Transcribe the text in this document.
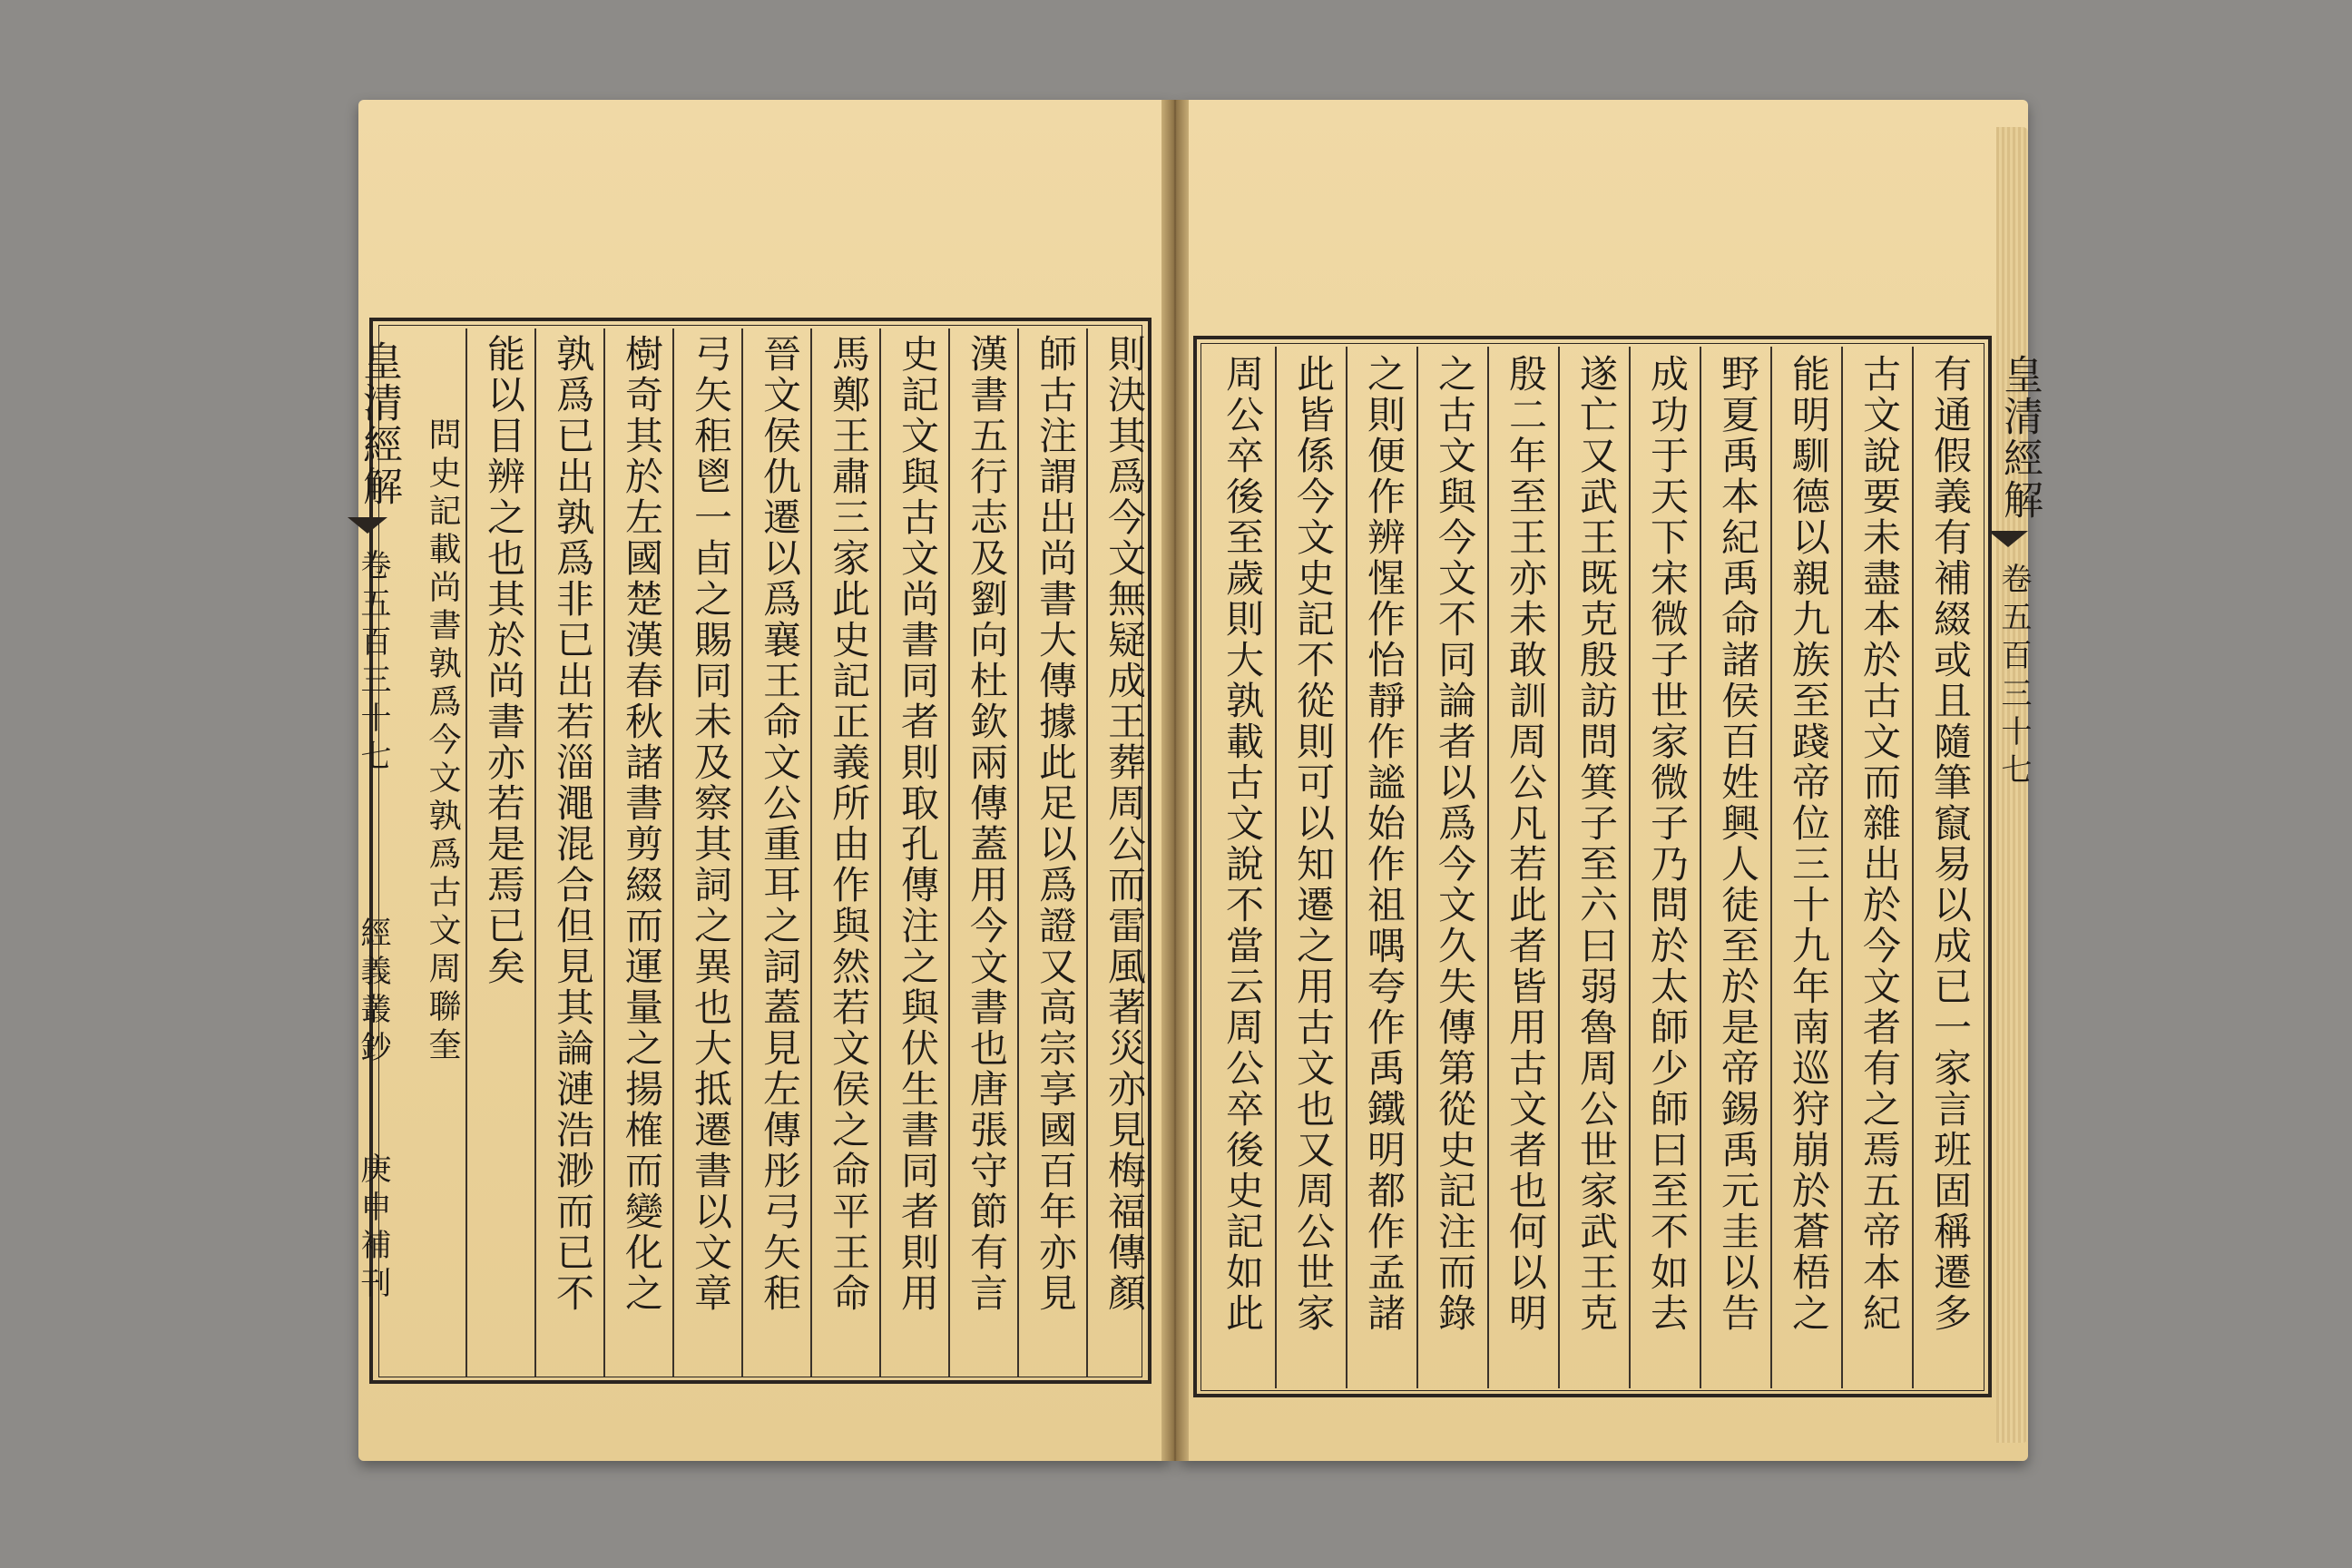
皇清經解
卷五百三十七
經義叢鈔
庚申補刊	則決其爲今文無疑成王葬周公而雷風著災亦見梅福傳顏
師古注謂出尚書大傳據此足以爲證又高宗享國百年亦見
漢書五行志及劉向杜欽兩傳蓋用今文書也唐張守節有言
史記文與古文尚書同者則取孔傳注之與伏生書同者則用
馬鄭王肅三家此史記正義所由作與然若文侯之命平王命
晉文侯仇遷以爲襄王命文公重耳之詞蓋見左傳彤弓矢秬
弓矢秬鬯一卣之賜同未及察其詞之異也大抵遷書以文章
樹奇其於左國楚漢春秋諸書剪綴而運量之揚榷而變化之
孰爲已出孰爲非已出若淄澠混合但見其論漣浩渺而已不
能以目辨之也其於尚書亦若是焉已矣
問史記載尚書孰爲今文孰爲古文周聯奎	皇清經解
卷五百三十七
有通假義有補綴或且隨筆竄易以成已一家言班固稱遷多
古文說要未盡本於古文而雜出於今文者有之焉五帝本紀
能明馴德以親九族至踐帝位三十九年南巡狩崩於蒼梧之
野夏禹本紀禹命諸侯百姓興人徒至於是帝錫禹元圭以告
成功于天下宋微子世家微子乃問於太師少師曰至不如去
遂亡又武王既克殷訪問箕子至六曰弱魯周公世家武王克
殷二年至王亦未敢訓周公凡若此者皆用古文者也何以明
之古文與今文不同論者以爲今文久失傳第從史記注而錄
之則便作辨惺作怡靜作謐始作祖喁夸作禹鐵明都作孟諸
此皆係今文史記不從則可以知遷之用古文也又周公世家
周公卒後至歲則大孰載古文說不當云周公卒後史記如此
